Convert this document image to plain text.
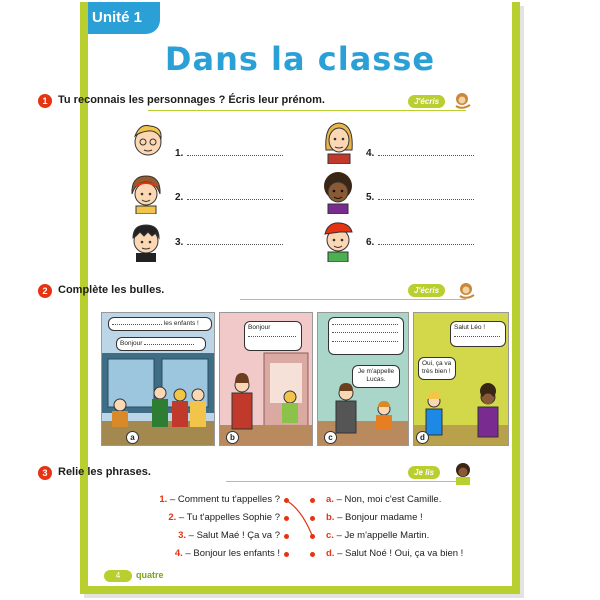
Unité 1
Dans la classe
1 Tu reconnais les personnages ? Écris leur prénom.	J'écris
1.
2.
3.
4.
5.
6.
2 Complète les bulles.	J'écris
les enfants !
Bonjour
a
Bonjour

b

Je m'appelle Lucas.
c
Salut Léo !

Oui, ça va très bien !
d
3 Relie les phrases.	Je lis
1. – Comment tu t'appelles ?
2. – Tu t'appelles Sophie ?
3. – Salut Maé ! Ça va ?
4. – Bonjour les enfants !
a. – Non, moi c'est Camille.
b. – Bonjour madame !
c. – Je m'appelle Martin.
d. – Salut Noé ! Oui, ça va bien !
4	quatre
